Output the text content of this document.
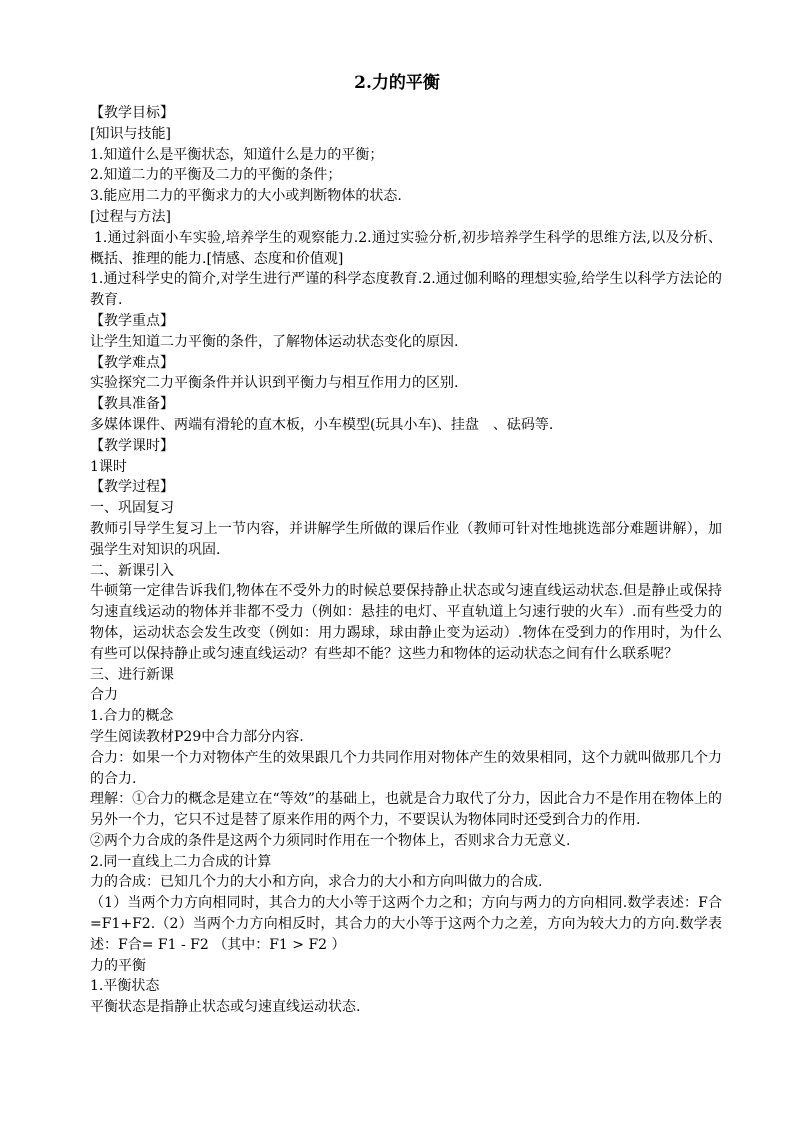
2.力的平衡

【教学目标】

[知识与技能]

1.知道什么是平衡状态，知道什么是力的平衡；

2.知道二力的平衡及二力的平衡的条件；

3.能应用二力的平衡求力的大小或判断物体的状态.

[过程与方法]

1.通过斜面小车实验,培养学生的观察能力.2.通过实验分析,初步培养学生科学的思维方法,以及分析、概括、推理的能力.[情感、态度和价值观]

1.通过科学史的简介,对学生进行严谨的科学态度教育.2.通过伽利略的理想实验,给学生以科学方法论的教育.

【教学重点】

让学生知道二力平衡的条件，了解物体运动状态变化的原因.

【教学难点】

实验探究二力平衡条件并认识到平衡力与相互作用力的区别.

【教具准备】

多媒体课件、两端有滑轮的直木板，小车模型(玩具小车)、挂盘　、砝码等.

【教学课时】

1课时

【教学过程】

一、巩固复习

教师引导学生复习上一节内容，并讲解学生所做的课后作业（教师可针对性地挑选部分难题讲解），加强学生对知识的巩固.

二、新课引入

牛顿第一定律告诉我们,物体在不受外力的时候总要保持静止状态或匀速直线运动状态.但是静止或保持匀速直线运动的物体并非都不受力（例如：悬挂的电灯、平直轨道上匀速行驶的火车）.而有些受力的物体，运动状态会发生改变（例如：用力踢球，球由静止变为运动）.物体在受到力的作用时，为什么有些可以保持静止或匀速直线运动？有些却不能？这些力和物体的运动状态之间有什么联系呢？

三、进行新课

合力

1.合力的概念

学生阅读教材P29中合力部分内容.

合力：如果一个力对物体产生的效果跟几个力共同作用对物体产生的效果相同，这个力就叫做那几个力的合力.

理解：①合力的概念是建立在“等效”的基础上，也就是合力取代了分力，因此合力不是作用在物体上的另外一个力，它只不过是替了原来作用的两个力，不要误认为物体同时还受到合力的作用.

②两个力合成的条件是这两个力须同时作用在一个物体上，否则求合力无意义.

2.同一直线上二力合成的计算

力的合成：已知几个力的大小和方向，求合力的大小和方向叫做力的合成.

（1）当两个力方向相同时，其合力的大小等于这两个力之和；方向与两力的方向相同.数学表述：F合=F1+F2.（2）当两个力方向相反时，其合力的大小等于这两个力之差，方向为较大力的方向.数学表述：F合= F1 - F2 （其中：F1 > F2 ）

力的平衡

1.平衡状态

平衡状态是指静止状态或匀速直线运动状态.
